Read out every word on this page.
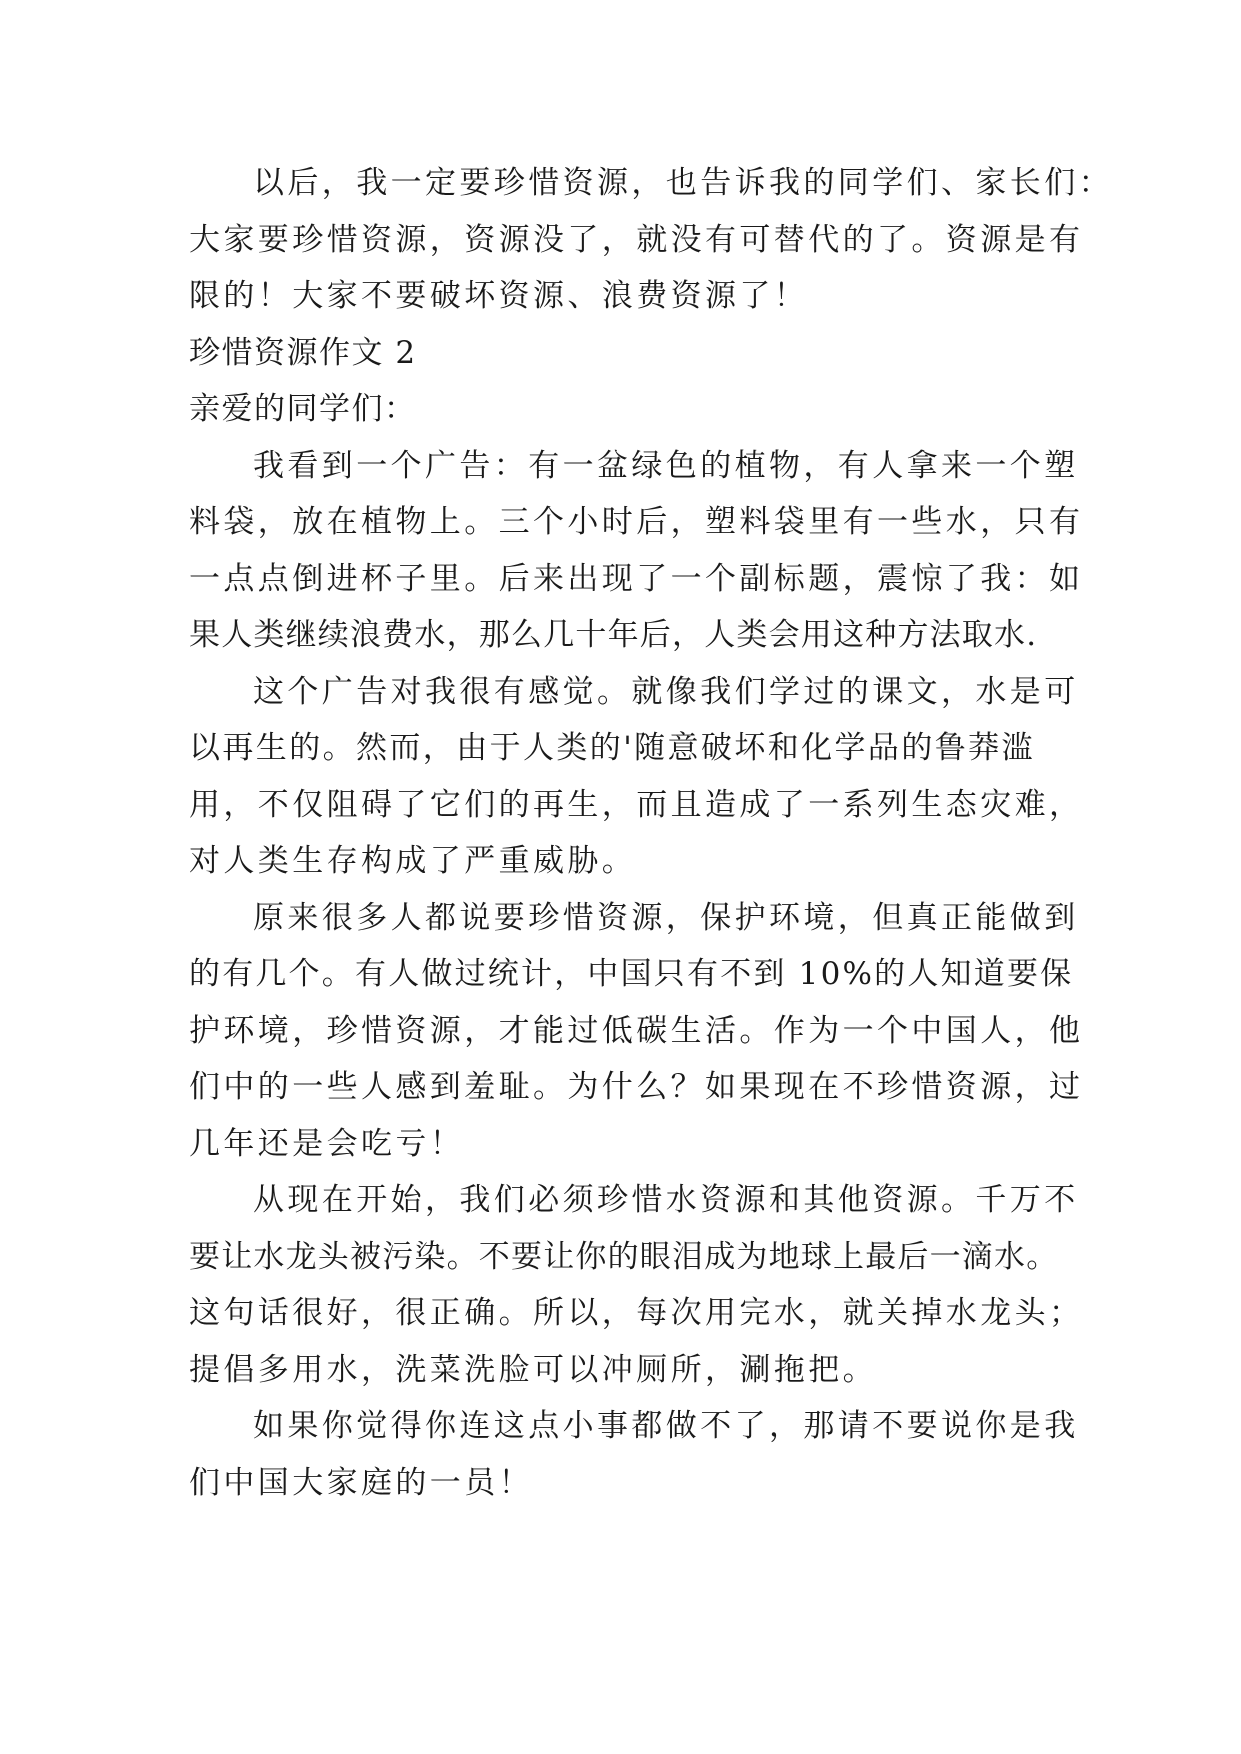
以后，我一定要珍惜资源，也告诉我的同学们、家长们：
大家要珍惜资源，资源没了，就没有可替代的了。资源是有
限的！大家不要破坏资源、浪费资源了！
珍惜资源作文 2
亲爱的同学们：
我看到一个广告：有一盆绿色的植物，有人拿来一个塑
料袋，放在植物上。三个小时后，塑料袋里有一些水，只有
一点点倒进杯子里。后来出现了一个副标题，震惊了我：如
果人类继续浪费水，那么几十年后，人类会用这种方法取水.
这个广告对我很有感觉。就像我们学过的课文，水是可
以再生的。然而，由于人类的'随意破坏和化学品的鲁莽滥
用，不仅阻碍了它们的再生，而且造成了一系列生态灾难，
对人类生存构成了严重威胁。
原来很多人都说要珍惜资源，保护环境，但真正能做到
的有几个。有人做过统计，中国只有不到 10%的人知道要保
护环境，珍惜资源，才能过低碳生活。作为一个中国人，他
们中的一些人感到羞耻。为什么？如果现在不珍惜资源，过
几年还是会吃亏！
从现在开始，我们必须珍惜水资源和其他资源。千万不
要让水龙头被污染。不要让你的眼泪成为地球上最后一滴水。
这句话很好，很正确。所以，每次用完水，就关掉水龙头；
提倡多用水，洗菜洗脸可以冲厕所，涮拖把。
如果你觉得你连这点小事都做不了，那请不要说你是我
们中国大家庭的一员！
